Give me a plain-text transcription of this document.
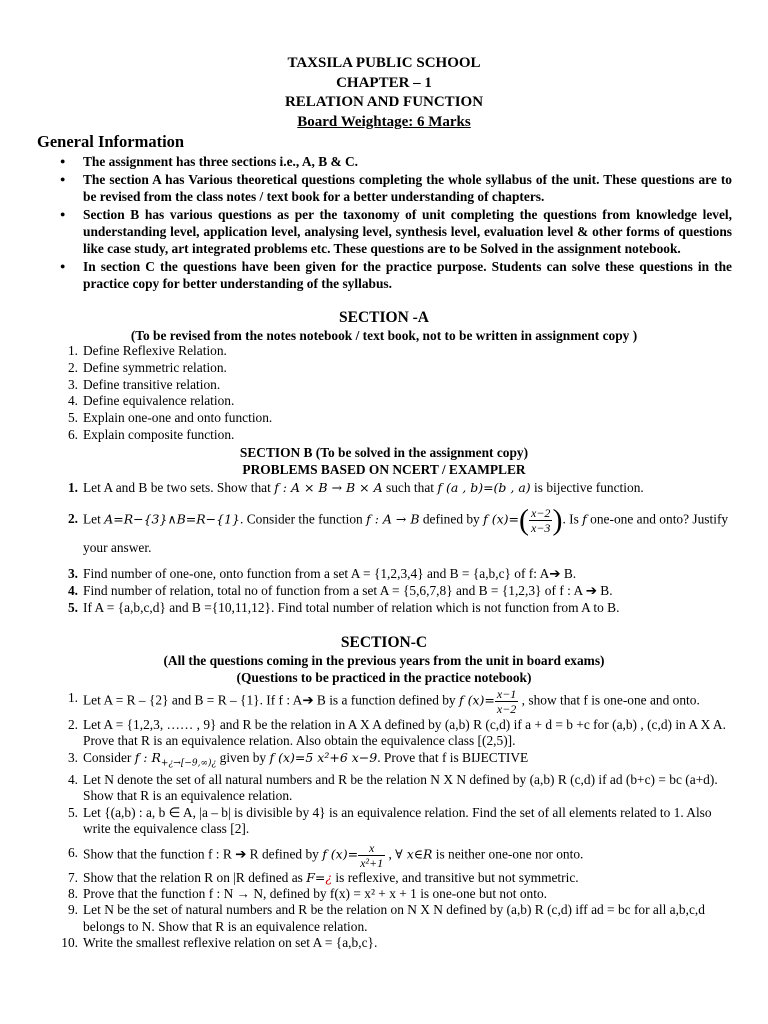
TAXSILA PUBLIC SCHOOL
CHAPTER – 1
RELATION AND FUNCTION
Board Weightage: 6 Marks
General Information
● The assignment has three sections i.e., A, B & C.
● The section A has Various theoretical questions completing the whole syllabus of the unit. These questions are to be revised from the class notes / text book for a better understanding of chapters.
● Section B has various questions as per the taxonomy of unit completing the questions from knowledge level, understanding level, application level, analysing level, synthesis level, evaluation level & other forms of questions like case study, art integrated problems etc. These questions are to be Solved in the assignment notebook.
● In section C the questions have been given for the practice purpose. Students can solve these questions in the practice copy for better understanding of the syllabus.
SECTION -A
(To be revised from the notes notebook / text book, not to be written in assignment copy )
1. Define Reflexive Relation.
2. Define symmetric relation.
3. Define transitive relation.
4. Define equivalence relation.
5. Explain one-one and onto function.
6. Explain composite function.
SECTION B (To be solved in the assignment copy)
PROBLEMS BASED ON NCERT / EXAMPLER
1. Let A and B be two sets. Show that f : A × B → B × A such that f (a , b)=(b , a) is bijective function.
2. Let A=R−{3}∧B=R−{1}. Consider the function f : A → B defined by f $(x)=( \frac{x-2}{x-3}$ ). Is f one-one and onto? Justify your answer.
3. Find number of one-one, onto function from a set A = {1,2,3,4} and B = {a,b,c} of f: A➔ B.
4. Find number of relation, total no of function from a set A = {5,6,7,8} and B = {1,2,3} of f : A ➔ B.
5. If A = {a,b,c,d} and B ={10,11,12}. Find total number of relation which is not function from A to B.
SECTION-C
(All the questions coming in the previous years from the unit in board exams)
(Questions to be practiced in the practice notebook)
1. Let A = R – {2} and B = R – {1}. If f : A➔ B is a function defined by f $(x)= \frac{x-1}{x-2}$ , show that f is one-one and onto.
2. Let A = {1,2,3, …… , 9} and R be the relation in A X A defined by (a,b) R (c,d) if a + d = b +c for (a,b) , (c,d) in A X A. Prove that R is an equivalence relation. Also obtain the equivalence class [(2,5)].
3. Consider f : $R_{+¿\to[-9,\infty)¿}$ given by f (x)=5 x²+6 x−9. Prove that f is BIJECTIVE
4. Let N denote the set of all natural numbers and R be the relation N X N defined by (a,b) R (c,d) if ad (b+c) = bc (a+d). Show that R is an equivalence relation.
5. Let {(a,b) : a, b ∈ A, |a – b| is divisible by 4} is an equivalence relation. Find the set of all elements related to 1. Also write the equivalence class [2].
6. Show that the function f : R ➔ R defined by f $(x)= \frac{x}{\text{x²+1}}$ , ∀ x∈R is neither one-one nor onto.
7. Show that the relation R on |R defined as F=¿ is reflexive, and transitive but not symmetric.
8. Prove that the function f : N → N, defined by f(x) = x² + x + 1 is one-one but not onto.
9. Let N be the set of natural numbers and R be the relation on N X N defined by (a,b) R (c,d) iff ad = bc for all a,b,c,d belongs to N. Show that R is an equivalence relation.
10. Write the smallest reflexive relation on set A = {a,b,c}.
